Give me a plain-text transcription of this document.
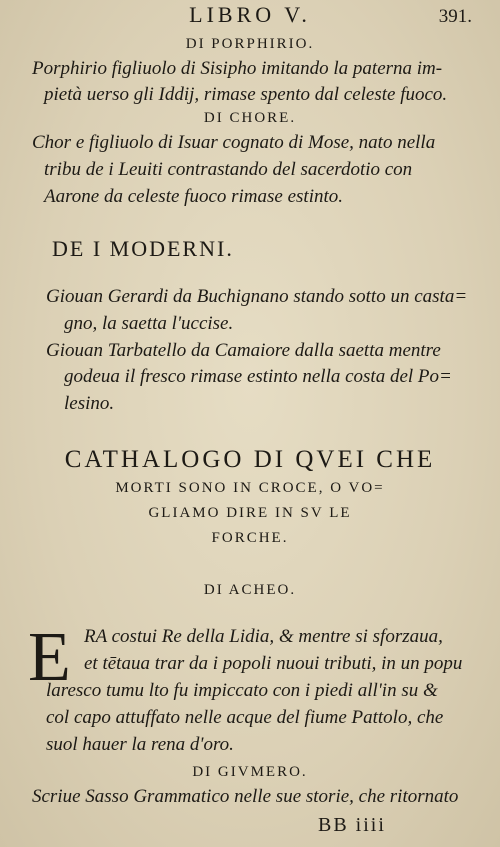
LIBRO V.	391.
DI PORPHIRIO.
Porphirio figliuolo di Sisipho imitando la paterna im-
pietà uerso gli Iddij, rimase spento dal celeste fuoco.
DI CHORE.
Chor e figliuolo di Isuar cognato di Mose, nato nella
tribu de i Leuiti contrastando del sacerdotio con
Aarone da celeste fuoco rimase estinto.
DE I MODERNI.
Giouan Gerardi da Buchignano stando sotto un casta=
gno, la saetta l'uccise.
Giouan Tarbatello da Camaiore dalla saetta mentre
godeua il fresco rimase estinto nella costa del Po=
lesino.
CATHALOGO DI QVEI CHE
MORTI SONO IN CROCE, O VO=
GLIAMO DIRE IN SV LE
FORCHE.
DI ACHEO.
E RA costui Re della Lidia, & mentre si sforzaua,
et tētaua trar da i popoli nuoui tributi, in un popu
laresco tumu lto fu impiccato con i piedi all'in su &
col capo attuffato nelle acque del fiume Pattolo, che
suol hauer la rena d'oro.
DI GIVMERO.
Scriue Sasso Grammatico nelle sue storie, che ritornato
BB iiii
